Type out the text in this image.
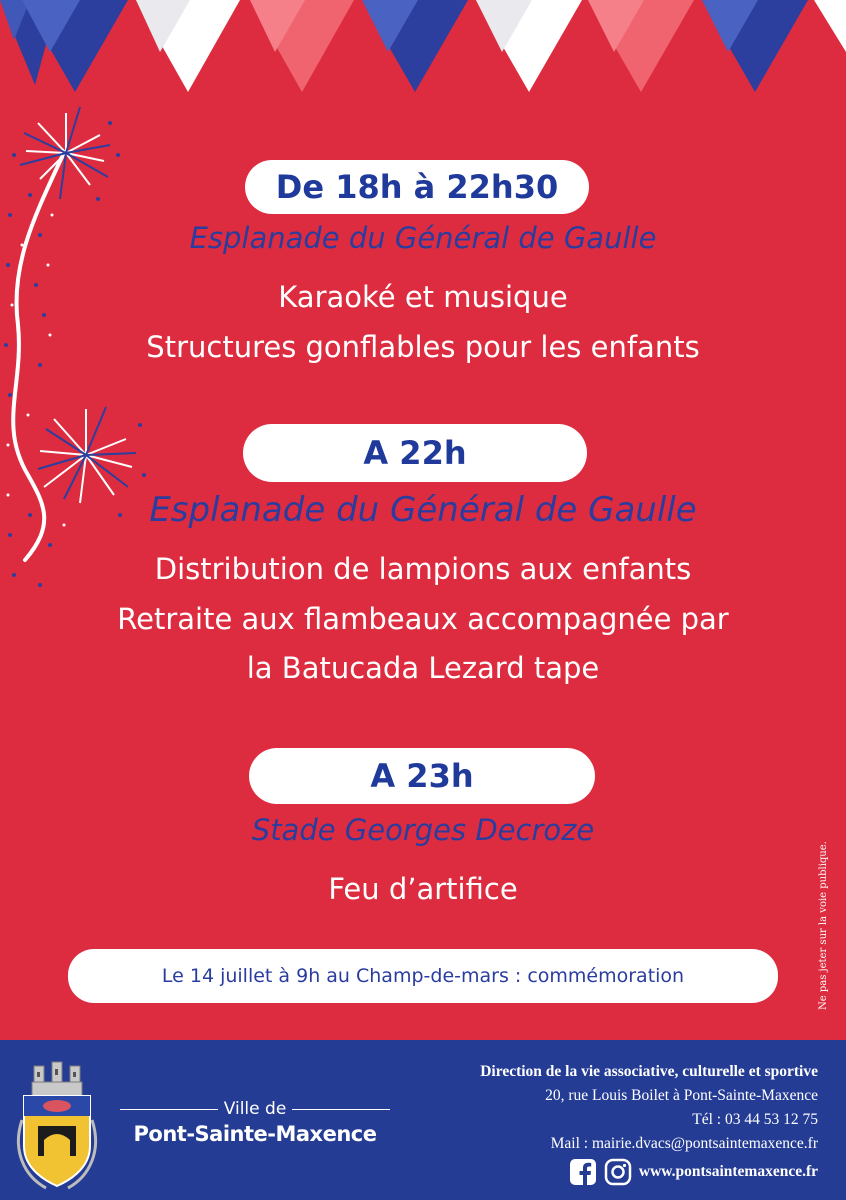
De 18h à 22h30
Esplanade du Général de Gaulle
Karaoké et musique
Structures gonflables pour les enfants
A 22h
Esplanade du Général de Gaulle
Distribution de lampions aux enfants
Retraite aux flambeaux accompagnée par
la Batucada Lezard tape
A 23h
Stade Georges Decroze
Feu d’artifice
Le 14 juillet à 9h au Champ-de-mars : commémoration	Ne pas jeter sur la voie publique.
Ville de
Pont-Sainte-Maxence
Direction de la vie associative, culturelle et sportive
20, rue Louis Boilet à Pont-Sainte-Maxence
Tél : 03 44 53 12 75
Mail : mairie.dvacs@pontsaintemaxence.fr
www.pontsaintemaxence.fr
